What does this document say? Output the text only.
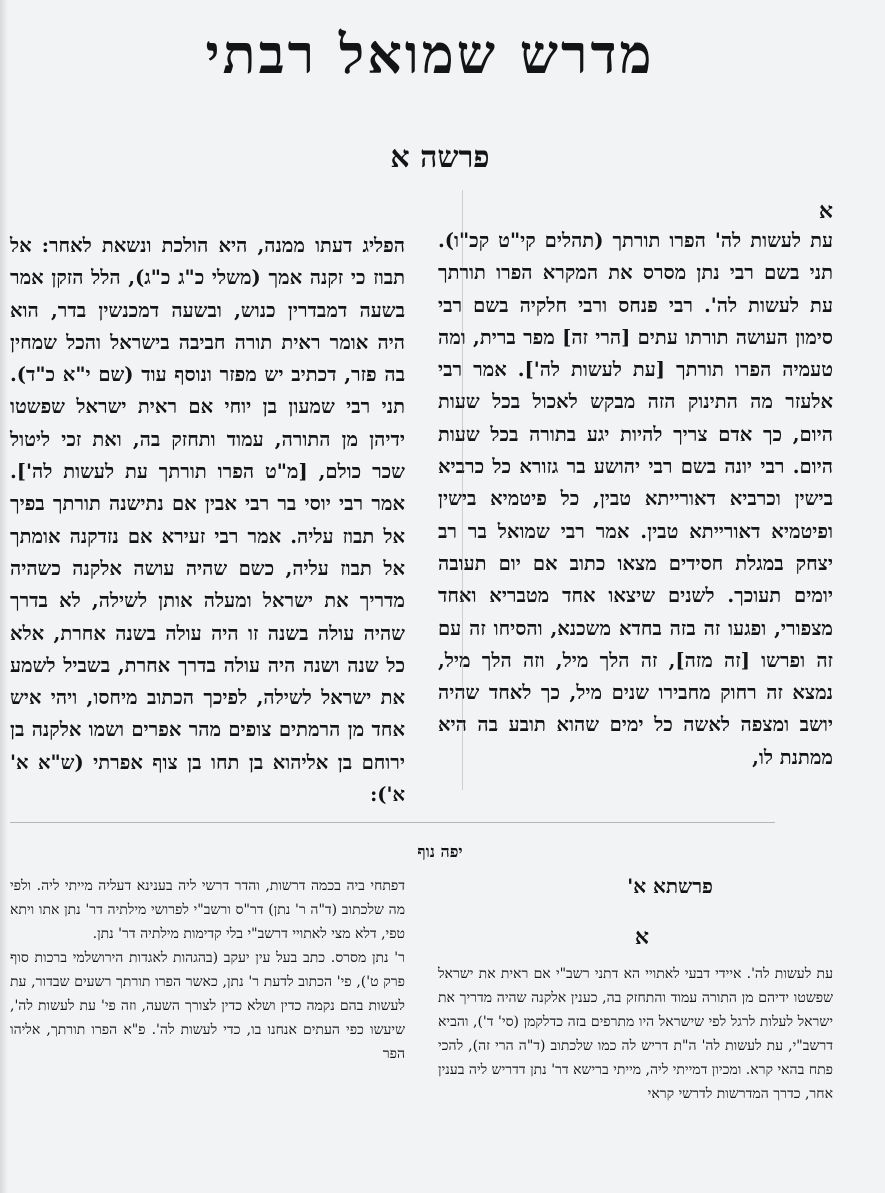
מדרש שמואל רבתי
פרשה א
א

עת לעשות לה' הפרו תורתך (תהלים קי"ט קכ"ו). תני בשם רבי נתן מסרס את המקרא הפרו תורתך עת לעשות לה'. רבי פנחס ורבי חלקיה בשם רבי סימון העושה תורתו עתים [הרי זה] מפר ברית, ומה טעמיה הפרו תורתך [עת לעשות לה']. אמר רבי אלעזר מה התינוק הזה מבקש לאכול בכל שעות היום, כך אדם צריך להיות יגע בתורה בכל שעות היום. רבי יונה בשם רבי יהושע בר גזורא כל כרביא בישין וכרביא דאורייתא טבין, כל פיטמיא בישין ופיטמיא דאורייתא טבין. אמר רבי שמואל בר רב יצחק במגלת חסידים מצאו כתוב אם יום תעובה יומים תעוכך. לשנים שיצאו אחד מטבריא ואחד מצפורי, ופגעו זה בזה בחדא משכנא, והסיחו זה עם זה ופרשו [זה מזה], זה הלך מיל, וזה הלך מיל, נמצא זה רחוק מחבירו שנים מיל, כך לאחד שהיה יושב ומצפה לאשה כל ימים שהוא תובע בה היא ממתנת לו,

הפליג דעתו ממנה, היא הולכת ונשאת לאחר: אל תבוז כי זקנה אמך (משלי כ"ג כ"ג), הלל הזקן אמר בשעה דמבדרין כנוש, ובשעה דמכנשין בדר, הוא היה אומר ראית תורה חביבה בישראל והכל שמחין בה פזר, דכתיב יש מפזר ונוסף עוד (שם י"א כ"ד). תני רבי שמעון בן יוחי אם ראית ישראל שפשטו ידיהן מן התורה, עמוד ותחזק בה, ואת זכי ליטול שכר כולם, [מ"ט הפרו תורתך עת לעשות לה']. אמר רבי יוסי בר רבי אבין אם נתישנה תורתך בפיך אל תבוז עליה. אמר רבי זעירא אם נזדקנה אומתך אל תבוז עליה, כשם שהיה עושה אלקנה כשהיה מדריך את ישראל ומעלה אותן לשילה, לא בדרך שהיה עולה בשנה זו היה עולה בשנה אחרת, אלא כל שנה ושנה היה עולה בדרך אחרת, בשביל לשמע את ישראל לשילה, לפיכך הכתוב מיחסו, ויהי איש אחד מן הרמתים צופים מהר אפרים ושמו אלקנה בן ירוחם בן אליהוא בן תחו בן צוף אפרתי (ש"א א' א'):

יפה נוף
פרשתא א'
א

עת לעשות לה'. איידי דבעי לאתויי הא דתני רשב"י אם ראית את ישראל שפשטו ידיהם מן התורה עמוד והתחזק בה, כענין אלקנה שהיה מדריך את ישראל לעלות לרגל לפי שישראל היו מתרפים בזה כדלקמן (סי' ד'), והביא דרשב"י, עת לעשות לה' ה"ת דריש לה כמו שלכתוב (ד"ה הרי זה), להכי פתח בהאי קרא. ומכיון דמייתי ליה, מייתי ברישא דר' נתן דדריש ליה בענין אחר, כדרך המדרשות לדרשי קראי

דפתחי ביה בכמה דרשות, והדר דרשי ליה בענינא דעליה מייתי ליה. ולפי מה שלכתוב (ד"ה ר' נתן) דר"ס ורשב"י לפרושי מילתיה דר' נתן אתו ויתא טפי, דלא מצי לאתויי דרשב"י בלי קדימות מילתיה דר' נתן.

ר' נתן מסרס. כתב בעל עין יעקב (בהגהות לאגדות הירושלמי ברכות סוף פרק ט'), פי' הכתוב לדעת ר' נתן, כאשר הפרו תורתך רשעים שבדור, עת לעשות בהם נקמה כדין ושלא כדין לצורך השעה, וזה פי' עת לעשות לה', שיעשו כפי העתים אנחנו בו, כדי לעשות לה'. פ"א הפרו תורתך, אליהו הפר
